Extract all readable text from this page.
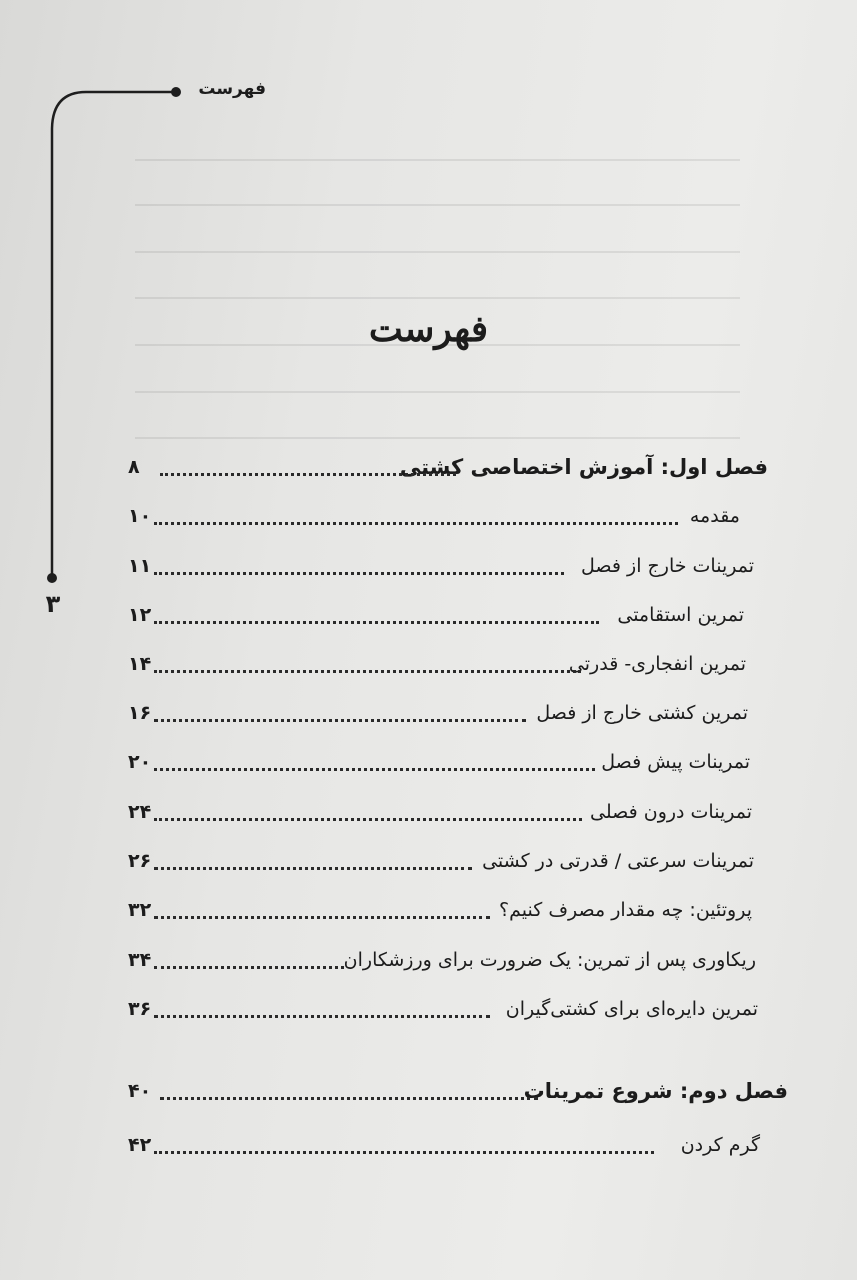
فهرست
۳
فهرست
فصل اول: آموزش اختصاصی کشتی
۸
مقدمه
۱۰
تمرینات خارج از فصل
۱۱
تمرین استقامتی
۱۲
تمرین انفجاری- قدرتی
۱۴
تمرین کشتی خارج از فصل
۱۶
تمرینات پیش فصل
۲۰
تمرینات درون فصلی
۲۴
تمرینات سرعتی / قدرتی در کشتی
۲۶
پروتئین: چه مقدار مصرف کنیم؟
۳۲
ریکاوری پس از تمرین: یک ضرورت برای ورزشکاران
۳۴
تمرین دایره‌ای برای کشتی‌گیران
۳۶
فصل دوم: شروع تمرینات
۴۰
گرم کردن
۴۲
